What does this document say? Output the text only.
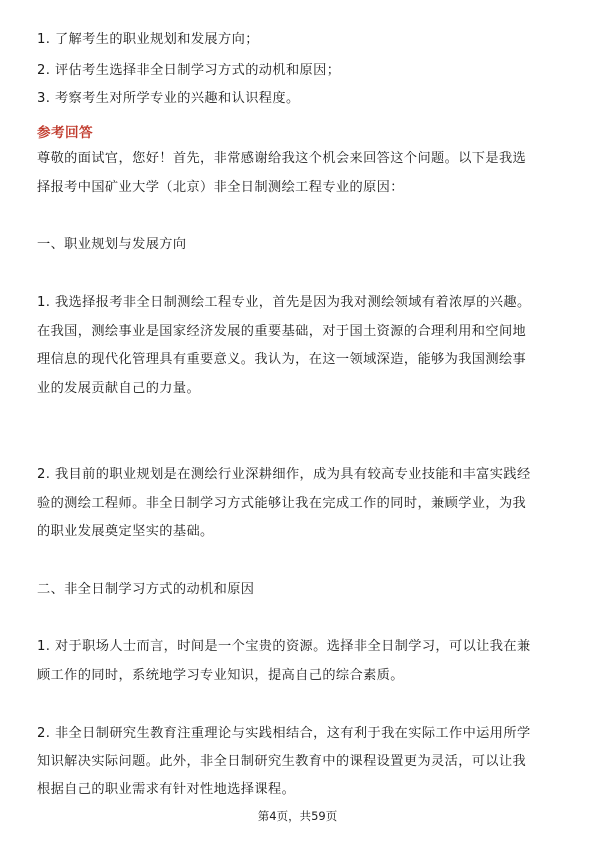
1. 了解考生的职业规划和发展方向；
2. 评估考生选择非全日制学习方式的动机和原因；
3. 考察考生对所学专业的兴趣和认识程度。
参考回答
尊敬的面试官，您好！首先，非常感谢给我这个机会来回答这个问题。以下是我选
择报考中国矿业大学（北京）非全日制测绘工程专业的原因：
一、职业规划与发展方向
1. 我选择报考非全日制测绘工程专业，首先是因为我对测绘领域有着浓厚的兴趣。
在我国，测绘事业是国家经济发展的重要基础，对于国土资源的合理利用和空间地
理信息的现代化管理具有重要意义。我认为，在这一领域深造，能够为我国测绘事
业的发展贡献自己的力量。
2. 我目前的职业规划是在测绘行业深耕细作，成为具有较高专业技能和丰富实践经
验的测绘工程师。非全日制学习方式能够让我在完成工作的同时，兼顾学业，为我
的职业发展奠定坚实的基础。
二、非全日制学习方式的动机和原因
1. 对于职场人士而言，时间是一个宝贵的资源。选择非全日制学习，可以让我在兼
顾工作的同时，系统地学习专业知识，提高自己的综合素质。
2. 非全日制研究生教育注重理论与实践相结合，这有利于我在实际工作中运用所学
知识解决实际问题。此外，非全日制研究生教育中的课程设置更为灵活，可以让我
根据自己的职业需求有针对性地选择课程。
第4页，共59页
